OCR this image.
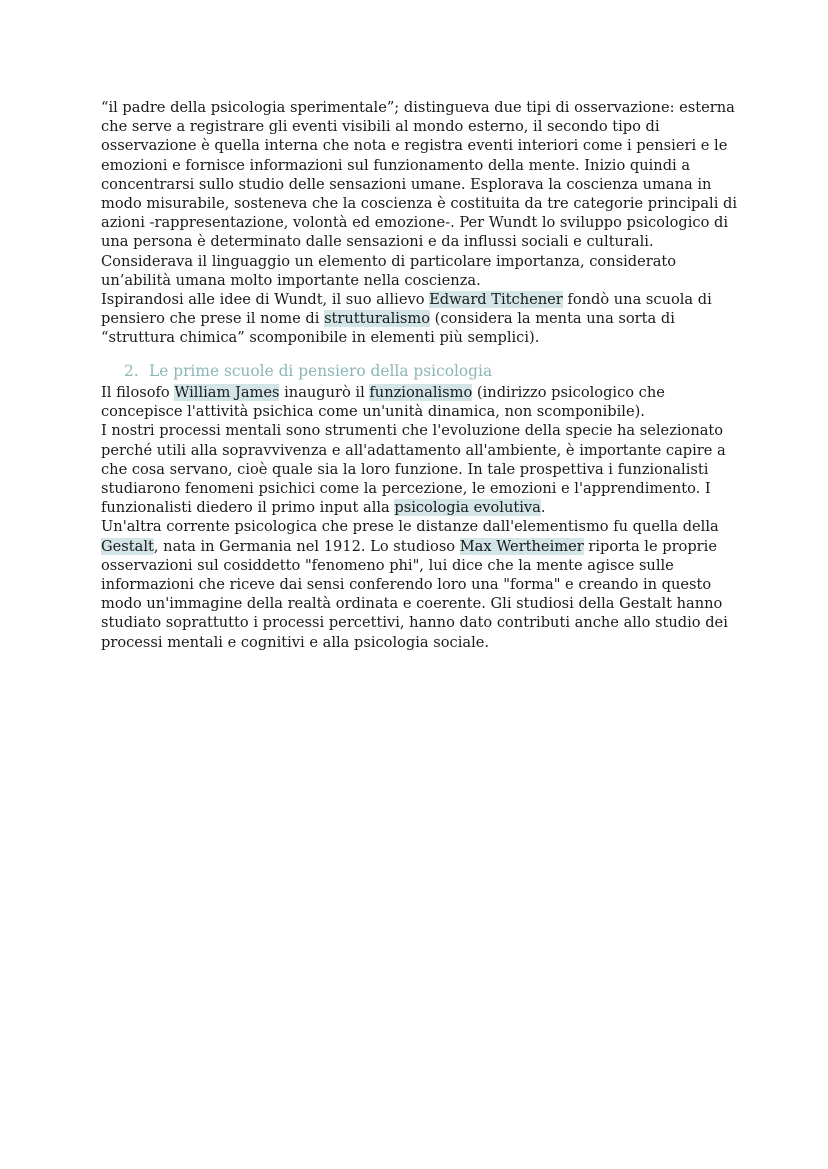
“il padre della psicologia sperimentale”; distingueva due tipi di osservazione: esterna che serve a registrare gli eventi visibili al mondo esterno, il secondo tipo di osservazione è quella interna che nota e registra eventi interiori come i pensieri e le emozioni e fornisce informazioni sul funzionamento della mente. Inizio quindi a concentrarsi sullo studio delle sensazioni umane. Esplorava la coscienza umana in modo misurabile, sosteneva che la coscienza è costituita da tre categorie principali di azioni -rappresentazione, volontà ed emozione-. Per Wundt lo sviluppo psicologico di una persona è determinato dalle sensazioni e da influssi sociali e culturali. Considerava il linguaggio un elemento di particolare importanza, considerato un’abilità umana molto importante nella coscienza.
Ispirandosi alle idee di Wundt, il suo allievo Edward Titchener fondò una scuola di pensiero che prese il nome di strutturalismo (considera la menta una sorta di “struttura chimica” scomponibile in elementi più semplici).
2. Le prime scuole di pensiero della psicologia
Il filosofo William James inaugurò il funzionalismo (indirizzo psicologico che concepisce l'attività psichica come un'unità dinamica, non scomponibile).
I nostri processi mentali sono strumenti che l'evoluzione della specie ha selezionato perché utili alla sopravvivenza e all'adattamento all'ambiente, è importante capire a che cosa servano, cioè quale sia la loro funzione. In tale prospettiva i funzionalisti studiarono fenomeni psichici come la percezione, le emozioni e l'apprendimento. I funzionalisti diedero il primo input alla psicologia evolutiva.
Un'altra corrente psicologica che prese le distanze dall'elementismo fu quella della Gestalt, nata in Germania nel 1912. Lo studioso Max Wertheimer riporta le proprie osservazioni sul cosiddetto "fenomeno phi", lui dice che la mente agisce sulle informazioni che riceve dai sensi conferendo loro una "forma" e creando in questo modo un'immagine della realtà ordinata e coerente. Gli studiosi della Gestalt hanno studiato soprattutto i processi percettivi, hanno dato contributi anche allo studio dei processi mentali e cognitivi e alla psicologia sociale.
